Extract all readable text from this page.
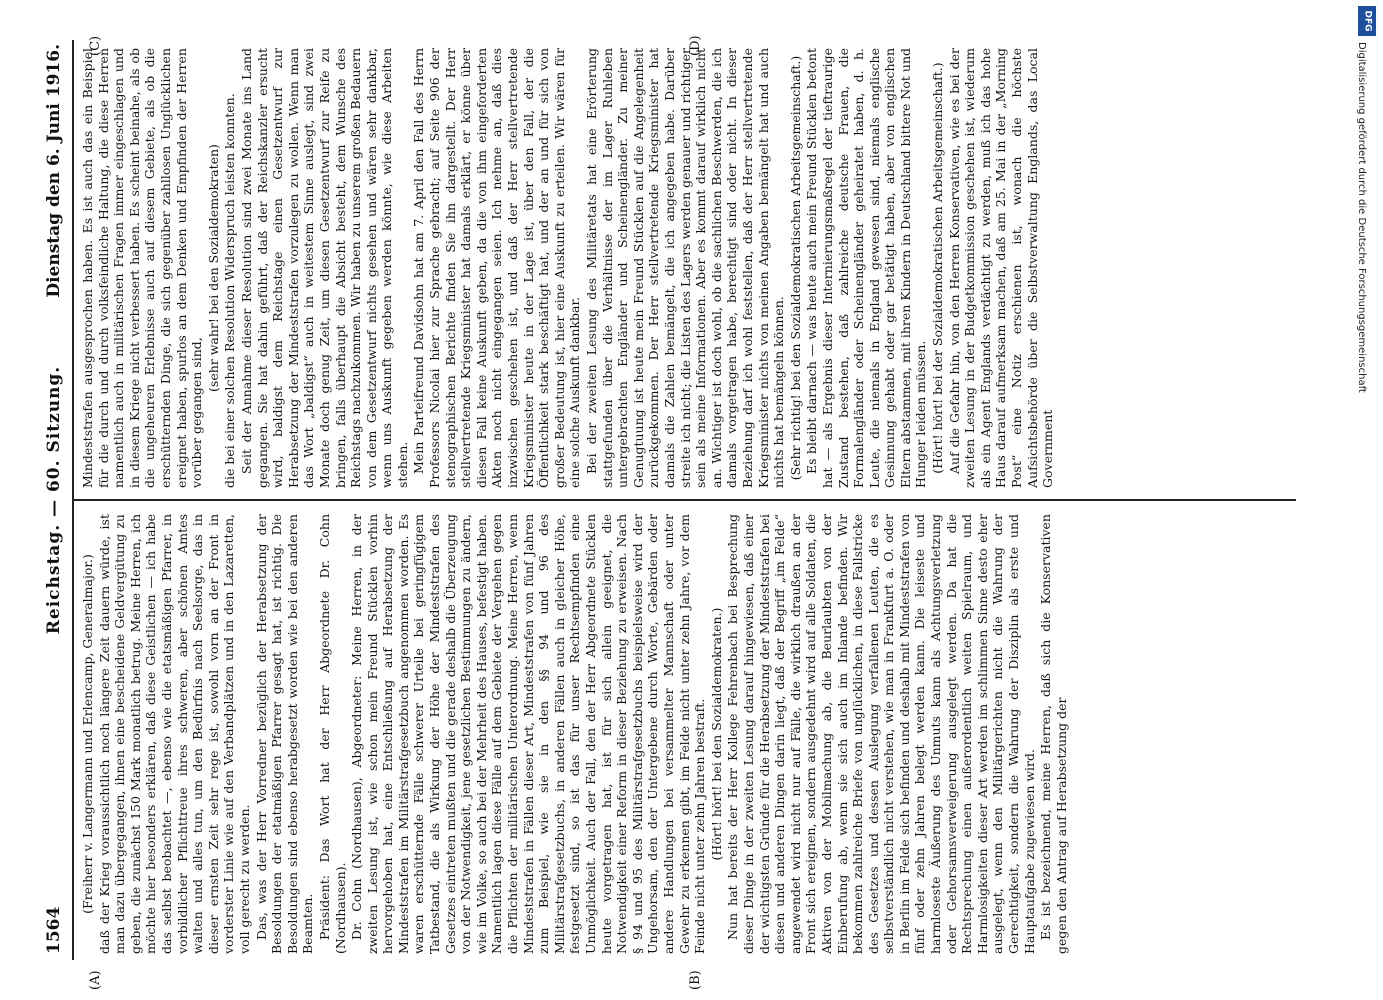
1564
Reichstag. — 60. Sitzung.
Dienstag den 6. Juni 1916.
(A)	(B)
(C)	(D)

(Freiherr v. Langermann und Erlencamp, Generalmajor.) daß der Krieg voraussichtlich noch längere Zeit dauern würde, ist man dazu übergegangen, ihnen eine bescheidene Geldvergütung zu geben, die zunächst 150 Mark monatlich betrug. Meine Herren, ich möchte hier besonders erklären, daß diese Geistlichen — ich habe das selbst beobachtet —, ebenso wie die etatsmäßigen Pfarrer, in vorbildlicher Pflichttreue ihres schweren, aber schönen Amtes walten und alles tun, um den Bedürfnis nach Seelsorge, das in dieser ernsten Zeit sehr rege ist, sowohl vorn an der Front in vorderster Linie wie auf den Verbandplätzen und in den Lazaretten, voll gerecht zu werden. Das, was der Herr Vorredner bezüglich der Herabsetzung der Besoldungen der etatmäßigen Pfarrer gesagt hat, ist richtig. Die Besoldungen sind ebenso herabgesetzt worden wie bei den anderen Beamten. Präsident: Das Wort hat der Herr Abgeordnete Dr. Cohn (Nordhausen). Dr. Cohn (Nordhausen), Abgeordneter: Meine Herren, in der zweiten Lesung ist, wie schon mein Freund Stücklen vorhin hervorgehoben hat, eine Entschließung auf Herabsetzung der Mindeststrafen im Militärstrafgesetzbuch angenommen worden. Es waren erschütternde Fälle schwerer Urteile bei geringfügigem Tatbestand, die als Wirkung der Höhe der Mindeststrafen des Gesetzes eintreten mußten und die gerade deshalb die Überzeugung von der Notwendigkeit, jene gesetzlichen Bestimmungen zu ändern, wie im Volke, so auch bei der Mehrheit des Hauses, befestigt haben. Namentlich lagen diese Fälle auf dem Gebiete der Vergehen gegen die Pflichten der militärischen Unterordnung. Meine Herren, wenn Mindeststrafen in Fällen dieser Art, Mindeststrafen von fünf Jahren zum Beispiel, wie sie in den §§ 94 und 96 des Militärstrafgesetzbuchs, in anderen Fällen auch in gleicher Höhe, festgesetzt sind, so ist das für unser Rechtsempfinden eine Unmöglichkeit. Auch der Fall, den der Herr Abgeordnete Stücklen heute vorgetragen hat, ist für sich allein geeignet, die Notwendigkeit einer Reform in dieser Beziehung zu erweisen. Nach § 94 und 95 des Militärstrafgesetzbuchs beispielsweise wird der Ungehorsam, den der Untergebene durch Worte, Gebärden oder andere Handlungen bei versammelter Mannschaft oder unter Gewehr zu erkennen gibt, im Felde nicht unter zehn Jahre, vor dem Feinde nicht unter zehn Jahren bestraft. (Hört! hört! bei den Sozialdemokraten.) Nun hat bereits der Herr Kollege Fehrenbach bei Besprechung dieser Dinge in der zweiten Lesung darauf hingewiesen, daß einer der wichtigsten Gründe für die Herabsetzung der Mindeststrafen bei diesen und anderen Dingen darin liegt, daß der Begriff „im Felde“ angewendet wird nicht nur auf Fälle, die wirklich draußen an der Front sich ereignen, sondern ausgedehnt wird auf alle Soldaten, die Aktiven von der Mobilmachung ab, die Beurlaubten von der Einberufung ab, wenn sie sich auch im Inlande befinden. Wir bekommen zahlreiche Briefe von unglücklichen, in diese Fallstricke des Gesetzes und dessen Auslegung verfallenen Leuten, die es selbstverständlich nicht verstehen, wie man in Frankfurt a. O. oder in Berlin im Felde sich befinden und deshalb mit Mindeststrafen von fünf oder zehn Jahren belegt werden kann. Die leiseste und harmloseste Äußerung des Unmuts kann als Achtungsverletzung oder Gehorsamsverweigerung ausgelegt werden. Da hat die Rechtsprechung einen außerordentlich weiten Spielraum, und Harmlosigkeiten dieser Art werden im schlimmen Sinne desto eher ausgelegt, wenn den Militärgerichten nicht die Wahrung der Gerechtigkeit, sondern die Wahrung der Disziplin als erste und Hauptaufgabe zugewiesen wird. Es ist bezeichnend, meine Herren, daß sich die Konservativen gegen den Antrag auf Herabsetzung der

Mindeststrafen ausgesprochen haben. Es ist auch das ein Beispiel für die durch und durch volksfeindliche Haltung, die diese Herren namentlich auch in militärischen Fragen immer eingeschlagen und in diesem Kriege nicht verbessert haben. Es scheint beinahe, als ob die ungeheuren Erlebnisse auch auf diesem Gebiete, als ob die erschütternden Dinge, die sich gegenüber zahllosen Unglücklichen ereignet haben, spurlos an dem Denken und Empfinden der Herren vorüber gegangen sind,

(sehr wahr! bei den Sozialdemokraten) die bei einer solchen Resolution Widerspruch leisten konnten. Seit der Annahme dieser Resolution sind zwei Monate ins Land gegangen. Sie hat dahin geführt, daß der Reichskanzler ersucht wird, baldigst dem Reichstage einen Gesetzentwurf zur Herabsetzung der Mindeststrafen vorzulegen zu wollen. Wenn man das Wort „baldigst“ auch in weitestem Sinne auslegt, sind zwei Monate doch genug Zeit, um diesen Gesetzentwurf zur Reife zu bringen, falls überhaupt die Absicht besteht, dem Wunsche des Reichstags nachzukommen. Wir haben zu unserem großen Bedauern von dem Gesetzentwurf nichts gesehen und wären sehr dankbar, wenn uns Auskunft gegeben werden könnte, wie diese Arbeiten stehen. Mein Parteifreund Davidsohn hat am 7. April den Fall des Herrn Professors Nicolai hier zur Sprache gebracht; auf Seite 906 der stenographischen Berichte finden Sie ihn dargestellt. Der Herr stellvertretende Kriegsminister hat damals erklärt, er könne über diesen Fall keine Auskunft geben, da die von ihm eingeforderten Akten noch nicht eingegangen seien. Ich nehme an, daß dies inzwischen geschehen ist, und daß der Herr stellvertretende Kriegsminister heute in der Lage ist, über den Fall, der die Öffentlichkeit stark beschäftigt hat, und der an und für sich von großer Bedeutung ist, hier eine Auskunft zu erteilen. Wir wären für eine solche Auskunft dankbar. Bei der zweiten Lesung des Militäretats hat eine Erörterung stattgefunden über die Verhältnisse der im Lager Ruhleben untergebrachten Engländer und Scheinengländer. Zu meiner Genugtuung ist heute mein Freund Stücklen auf die Angelegenheit zurückgekommen. Der Herr stellvertretende Kriegsminister hat damals die Zahlen bemängelt, die ich angegeben habe. Darüber streite ich nicht; die Listen des Lagers werden genauer und richtiger sein als meine Informationen. Aber es kommt darauf wirklich nicht an. Wichtiger ist doch wohl, ob die sachlichen Beschwerden, die ich damals vorgetragen habe, berechtigt sind oder nicht. In dieser Beziehung darf ich wohl feststellen, daß der Herr stellvertretende Kriegsminister nichts von meinen Angaben bemängelt hat und auch nichts hat bemängeln können. (Sehr richtig! bei den Sozialdemokratischen Arbeitsgemeinschaft.) Es bleibt darnach — was heute auch mein Freund Stücklen betont hat — als Ergebnis dieser Internierungsmaßregel der tieftraurige Zustand bestehen, daß zahlreiche deutsche Frauen, die Formalengländer oder Scheinengländer geheiratet haben, d. h. Leute, die niemals in England gewesen sind, niemals englische Gesinnung gehabt oder gar betätigt haben, aber von englischen Eltern abstammen, mit ihren Kindern in Deutschland bittere Not und Hunger leiden müssen. (Hört! hört! bei der Sozialdemokratischen Arbeitsgemeinschaft.) Auf die Gefahr hin, von den Herren Konservativen, wie es bei der zweiten Lesung in der Budgetkommission geschehen ist, wiederum als ein Agent Englands verdächtigt zu werden, muß ich das hohe Haus darauf aufmerksam machen, daß am 25. Mai in der „Morning Post“ eine Notiz erschienen ist, wonach die höchste Aufsichtsbehörde über die Selbstverwaltung Englands, das Local Government

DFG
Digitalisierung gefördert durch die Deutsche Forschungsgemeinschaft
